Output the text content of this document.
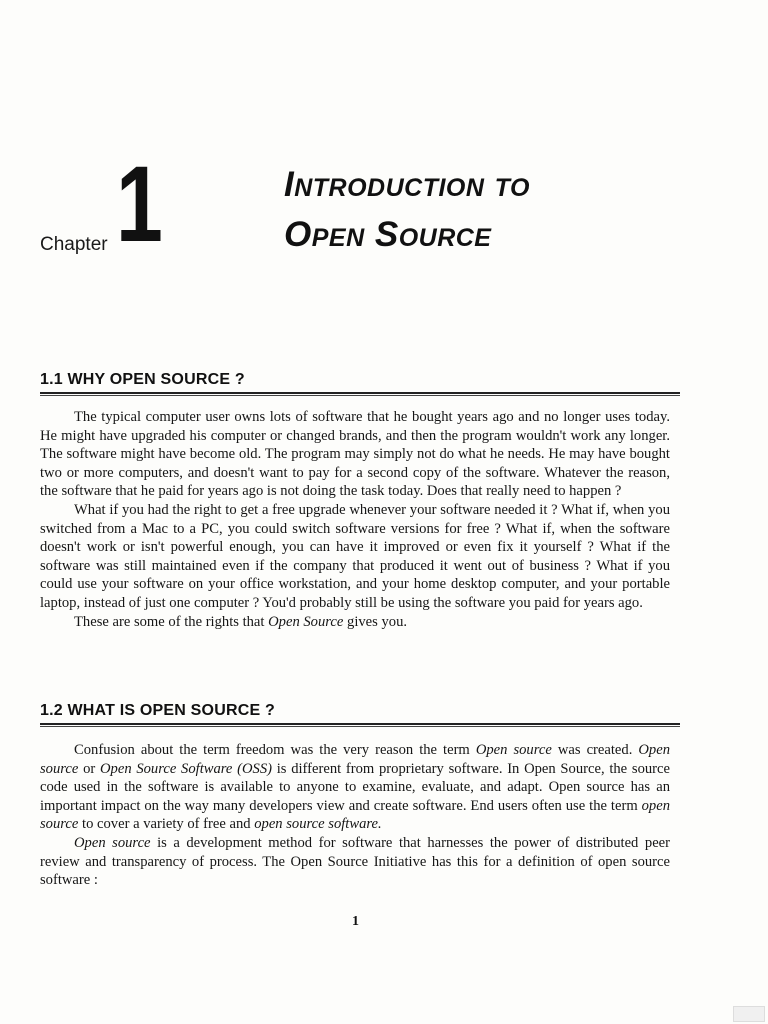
Chapter 1	Introduction to
Open Source
1.1 WHY OPEN SOURCE ?

The typical computer user owns lots of software that he bought years ago and no longer uses today. He might have upgraded his computer or changed brands, and then the program wouldn't work any longer. The software might have become old. The program may simply not do what he needs. He may have bought two or more computers, and doesn't want to pay for a second copy of the software. Whatever the reason, the software that he paid for years ago is not doing the task today. Does that really need to happen ?

What if you had the right to get a free upgrade whenever your software needed it ? What if, when you switched from a Mac to a PC, you could switch software versions for free ? What if, when the software doesn't work or isn't powerful enough, you can have it improved or even fix it yourself ? What if the software was still maintained even if the company that produced it went out of business ? What if you could use your software on your office workstation, and your home desktop computer, and your portable laptop, instead of just one computer ? You'd probably still be using the software you paid for years ago.

These are some of the rights that Open Source gives you.

1.2 WHAT IS OPEN SOURCE ?

Confusion about the term freedom was the very reason the term Open source was created. Open source or Open Source Software (OSS) is different from proprietary software. In Open Source, the source code used in the software is available to anyone to examine, evaluate, and adapt. Open source has an important impact on the way many developers view and create software. End users often use the term open source to cover a variety of free and open source software.

Open source is a development method for software that harnesses the power of distributed peer review and transparency of process. The Open Source Initiative has this for a definition of open source software :

1
